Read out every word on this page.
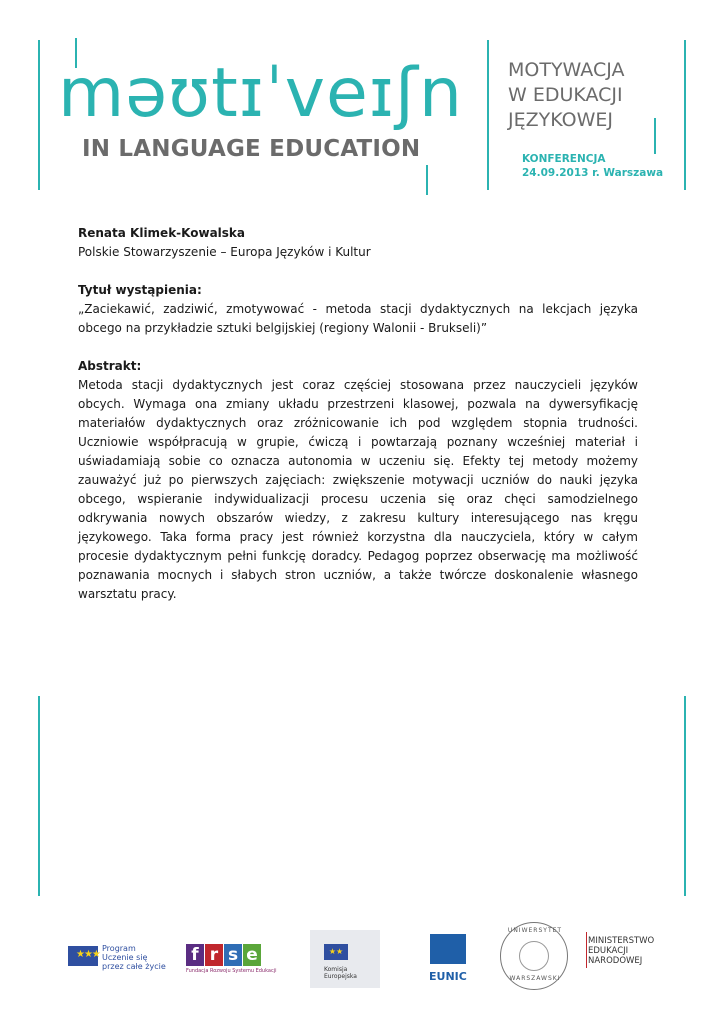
məʊtɪˈveɪʃn
IN LANGUAGE EDUCATION
MOTYWACJA
W EDUKACJI
JĘZYKOWEJ
KONFERENCJA
24.09.2013 r. Warszawa

Renata Klimek-Kowalska

Polskie Stowarzyszenie – Europa Języków i Kultur

Tytuł wystąpienia:

„Zaciekawić, zadziwić, zmotywować - metoda stacji dydaktycznych na lekcjach języka obcego na przykładzie sztuki belgijskiej (regiony Walonii - Brukseli)”

Abstrakt:

Metoda stacji dydaktycznych jest coraz częściej stosowana przez nauczycieli języków obcych. Wymaga ona zmiany układu przestrzeni klasowej, pozwala na dywersyfikację materiałów dydaktycznych oraz zróżnicowanie ich pod względem stopnia trudności. Uczniowie współpracują w grupie, ćwiczą i powtarzają poznany wcześniej materiał i uświadamiają sobie co oznacza autonomia w uczeniu się. Efekty tej metody możemy zauważyć już po pierwszych zajęciach: zwiększenie motywacji uczniów do nauki języka obcego, wspieranie indywidualizacji procesu uczenia się oraz chęci samodzielnego odkrywania nowych obszarów wiedzy, z zakresu kultury interesującego nas kręgu językowego. Taka forma pracy jest również korzystna dla nauczyciela, który w całym procesie dydaktycznym pełni funkcję doradcy. Pedagog poprzez obserwację ma możliwość poznawania mocnych i słabych stron uczniów, a także twórcze doskonalenie własnego warsztatu pracy.

★★★
Program
Uczenie się
przez całe życie
f r s e
Fundacja Rozwoju Systemu Edukacji
★★
Komisja
Europejska	EUNIC
UNIWERSYTET
WARSZAWSKI
MINISTERSTWO
EDUKACJI
NARODOWEJ
